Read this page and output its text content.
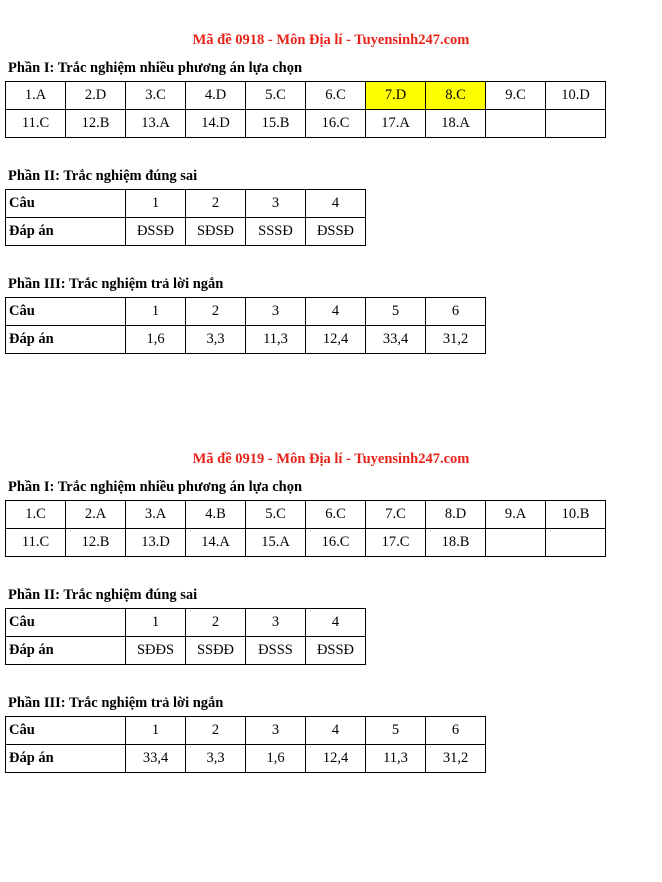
Mã đề 0918 - Môn Địa lí - Tuyensinh247.com
Phần I: Trắc nghiệm nhiều phương án lựa chọn
1.A	2.D	3.C	4.D	5.C	6.C	7.D	8.C	9.C	10.D
11.C	12.B	13.A	14.D	15.B	16.C	17.A	18.A		
Phần II: Trắc nghiệm đúng sai
Câu	1	2	3	4
Đáp án	ĐSSĐ	SĐSĐ	SSSĐ	ĐSSĐ
Phần III: Trắc nghiệm trả lời ngắn
Câu	1	2	3	4	5	6
Đáp án	1,6	3,3	11,3	12,4	33,4	31,2
Mã đề 0919 - Môn Địa lí - Tuyensinh247.com
Phần I: Trắc nghiệm nhiều phương án lựa chọn
1.C	2.A	3.A	4.B	5.C	6.C	7.C	8.D	9.A	10.B
11.C	12.B	13.D	14.A	15.A	16.C	17.C	18.B		
Phần II: Trắc nghiệm đúng sai
Câu	1	2	3	4
Đáp án	SĐĐS	SSĐĐ	ĐSSS	ĐSSĐ
Phần III: Trắc nghiệm trả lời ngắn
Câu	1	2	3	4	5	6
Đáp án	33,4	3,3	1,6	12,4	11,3	31,2
